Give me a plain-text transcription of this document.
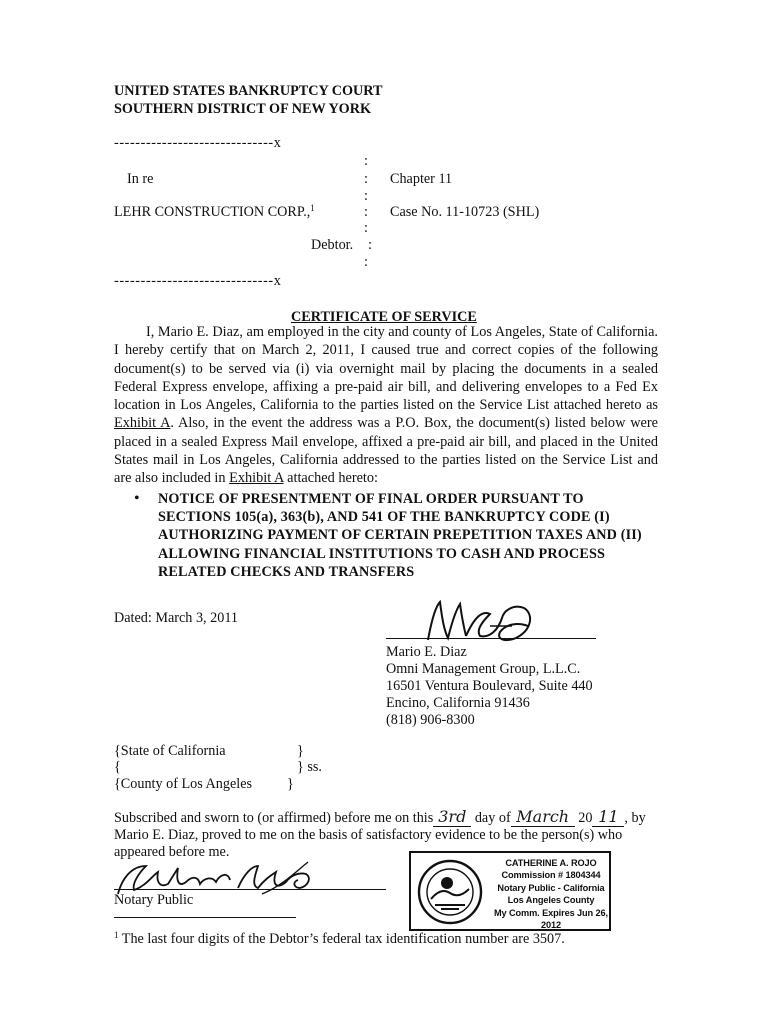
UNITED STATES BANKRUPTCY COURT
SOUTHERN DISTRICT OF NEW YORK
------------------------------x
:
In re	: Chapter 11
:
LEHR CONSTRUCTION CORP.,$^1$	: Case No. 11-10723 (SHL)
:
Debtor. :
:
------------------------------x
CERTIFICATE OF SERVICE

I, Mario E. Diaz, am employed in the city and county of Los Angeles, State of California. I hereby certify that on March 2, 2011, I caused true and correct copies of the following document(s) to be served via (i) via overnight mail by placing the documents in a sealed Federal Express envelope, affixing a pre-paid air bill, and delivering envelopes to a Fed Ex location in Los Angeles, California to the parties listed on the Service List attached hereto as Exhibit A. Also, in the event the address was a P.O. Box, the document(s) listed below were placed in a sealed Express Mail envelope, affixed a pre-paid air bill, and placed in the United States mail in Los Angeles, California addressed to the parties listed on the Service List and are also included in Exhibit A attached hereto:

• NOTICE OF PRESENTMENT OF FINAL ORDER PURSUANT TO SECTIONS 105(a), 363(b), AND 541 OF THE BANKRUPTCY CODE (I) AUTHORIZING PAYMENT OF CERTAIN PREPETITION TAXES AND (II) ALLOWING FINANCIAL INSTITUTIONS TO CASH AND PROCESS RELATED CHECKS AND TRANSFERS
Dated: March 3, 2011
Mario E. Diaz
Omni Management Group, L.L.C.
16501 Ventura Boulevard, Suite 440
Encino, California 91436
(818) 906-8300
{State of California	}
{	} ss.
{County of Los Angeles }
Subscribed and sworn to (or affirmed) before me on this 3rd day of March 20 11 , by
Mario E. Diaz, proved to me on the basis of satisfactory evidence to be the person(s) who
appeared before me.
Notary Public
CATHERINE A. ROJO
Commission # 1804344
Notary Public - California
Los Angeles County
My Comm. Expires Jun 26, 2012
$^1$ The last four digits of the Debtor’s federal tax identification number are 3507.
